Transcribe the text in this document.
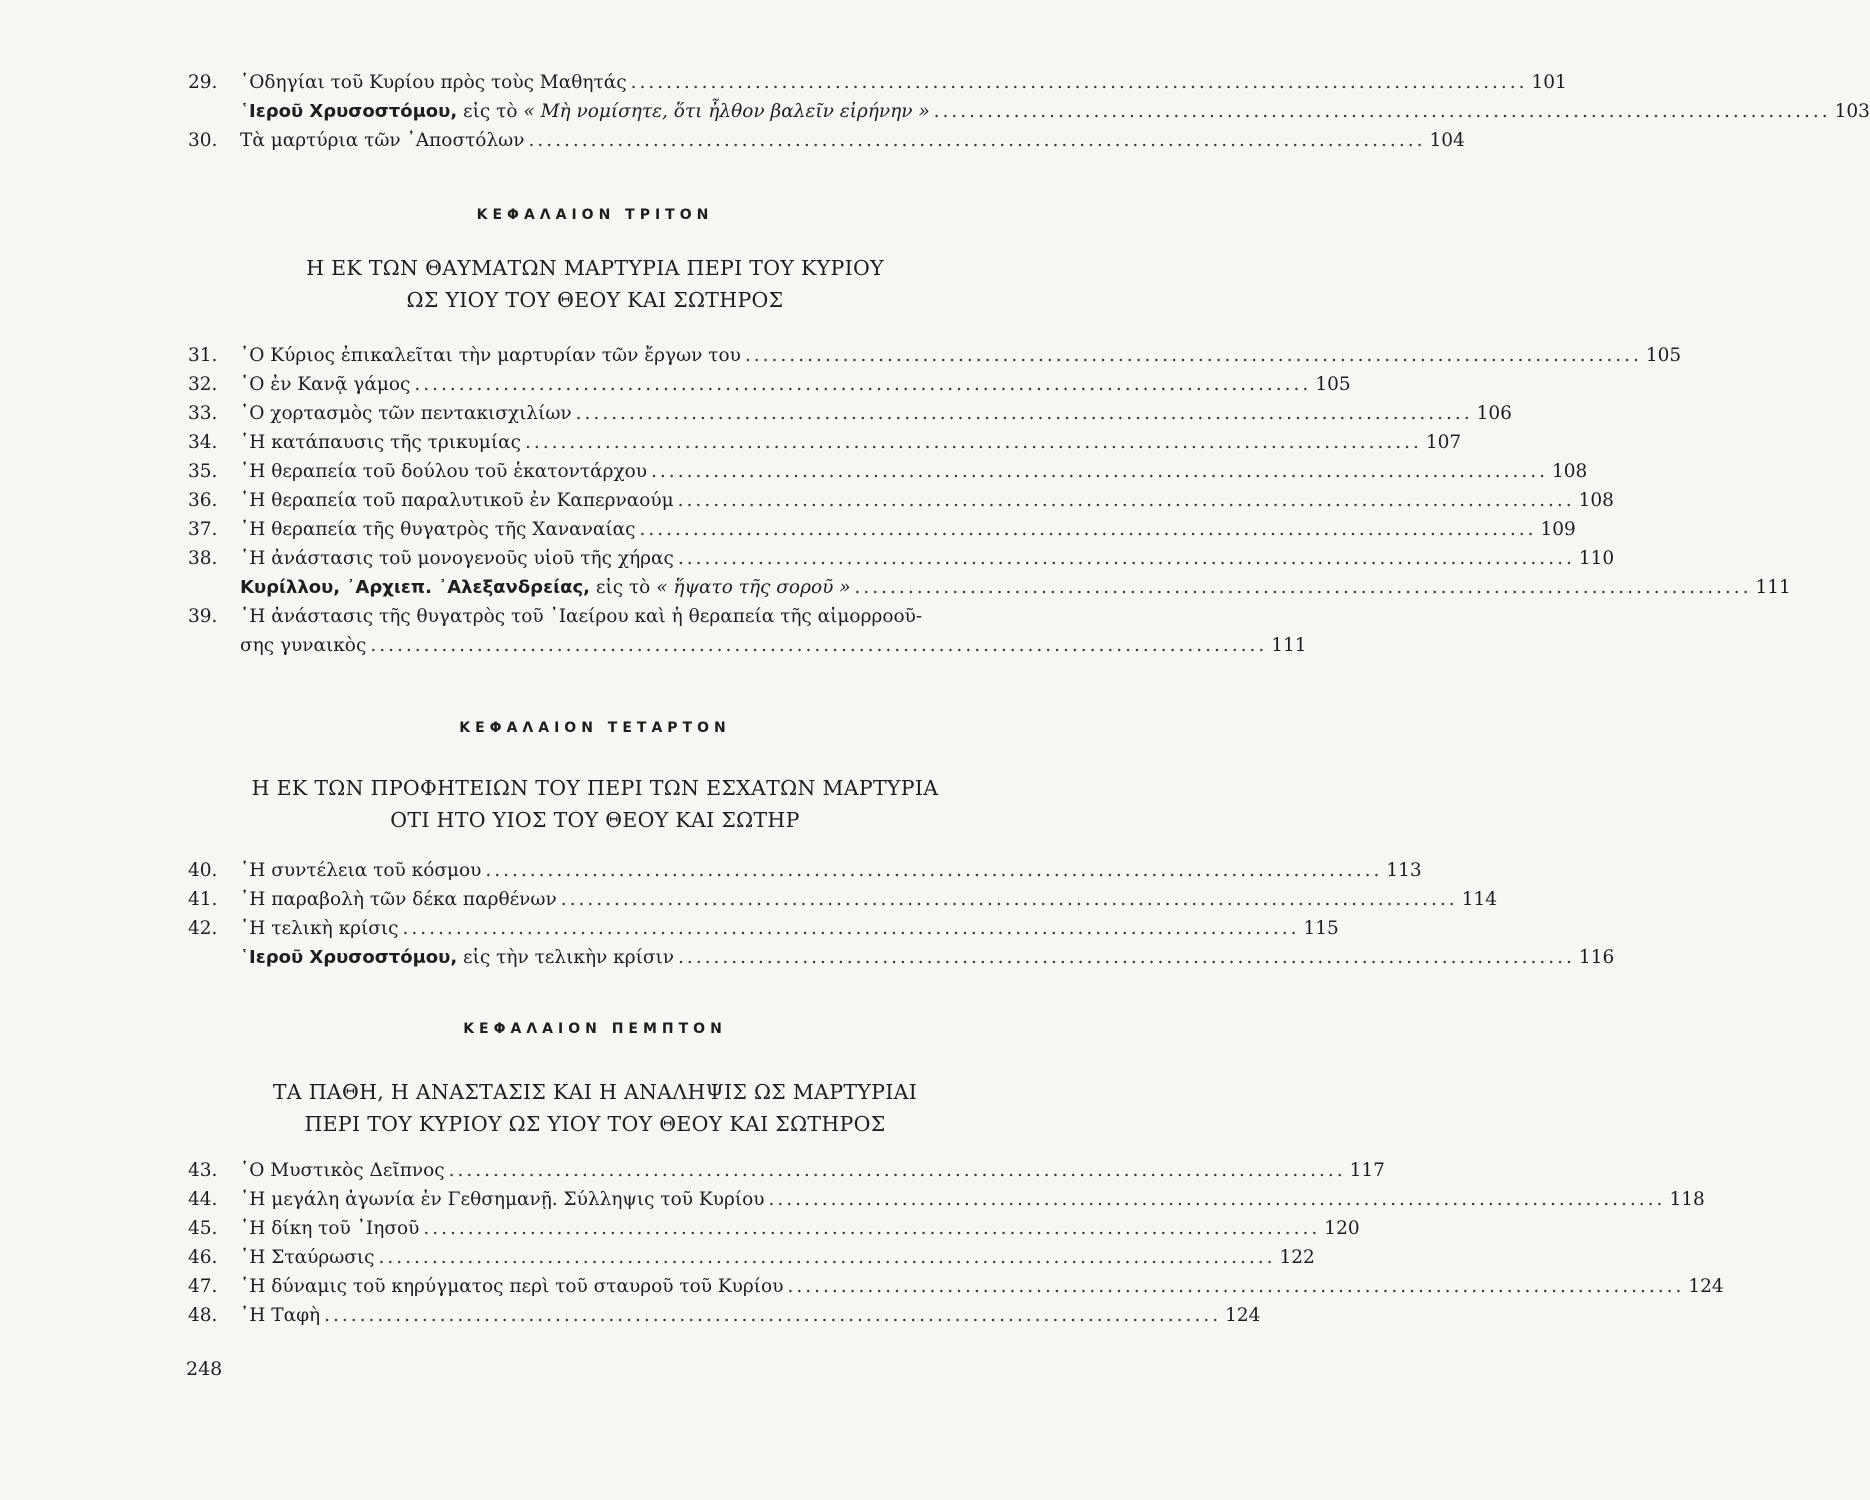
29.	῾Οδηγίαι τοῦ Κυρίου πρὸς τοὺς Μαθητάς ..................................................................................................... 101
῾Ιεροῦ Χρυσοστόμου, εἰς τὸ « Μὴ νομίσητε, ὅτι ἦλθον βαλεῖν εἰρήνην » ..................................................................................................... 103
30.	Τὰ μαρτύρια τῶν ᾿Αποστόλων ..................................................................................................... 104
ΚΕΦΑΛΑΙΟΝ ΤΡΙΤΟΝ
Η ΕΚ ΤΩΝ ΘΑΥΜΑΤΩΝ ΜΑΡΤΥΡΙΑ ΠΕΡΙ ΤΟΥ ΚΥΡΙΟΥ
ΩΣ ΥΙΟΥ ΤΟΥ ΘΕΟΥ ΚΑΙ ΣΩΤΗΡΟΣ
31.	῾Ο Κύριος ἐπικαλεῖται τὴν μαρτυρίαν τῶν ἔργων του ..................................................................................................... 105
32.	῾Ο ἐν Κανᾷ γάμος ..................................................................................................... 105
33.	῾Ο χορτασμὸς τῶν πεντακισχιλίων ..................................................................................................... 106
34.	῾Η κατάπαυσις τῆς τρικυμίας ..................................................................................................... 107
35.	῾Η θεραπεία τοῦ δούλου τοῦ ἑκατοντάρχου ..................................................................................................... 108
36.	῾Η θεραπεία τοῦ παραλυτικοῦ ἐν Καπερναούμ ..................................................................................................... 108
37.	῾Η θεραπεία τῆς θυγατρὸς τῆς Χαναναίας ..................................................................................................... 109
38.	῾Η ἀνάστασις τοῦ μονογενοῦς υἱοῦ τῆς χήρας ..................................................................................................... 110
Κυρίλλου, ᾿Αρχιεπ. ᾿Αλεξανδρείας, εἰς τὸ « ἥψατο τῆς σοροῦ » ..................................................................................................... 111
39.	῾Η ἀνάστασις τῆς θυγατρὸς τοῦ ᾿Ιαείρου καὶ ἡ θεραπεία τῆς αἱμορροοῦ-
σης γυναικὸς ..................................................................................................... 111
ΚΕΦΑΛΑΙΟΝ ΤΕΤΑΡΤΟΝ
Η ΕΚ ΤΩΝ ΠΡΟΦΗΤΕΙΩΝ ΤΟΥ ΠΕΡΙ ΤΩΝ ΕΣΧΑΤΩΝ ΜΑΡΤΥΡΙΑ
ΟΤΙ ΗΤΟ ΥΙΟΣ ΤΟΥ ΘΕΟΥ ΚΑΙ ΣΩΤΗΡ
40.	῾Η συντέλεια τοῦ κόσμου ..................................................................................................... 113
41.	῾Η παραβολὴ τῶν δέκα παρθένων ..................................................................................................... 114
42.	῾Η τελικὴ κρίσις ..................................................................................................... 115
῾Ιεροῦ Χρυσοστόμου, εἰς τὴν τελικὴν κρίσιν ..................................................................................................... 116
ΚΕΦΑΛΑΙΟΝ ΠΕΜΠΤΟΝ
ΤΑ ΠΑΘΗ, Η ΑΝΑΣΤΑΣΙΣ ΚΑΙ Η ΑΝΑΛΗΨΙΣ ΩΣ ΜΑΡΤΥΡΙΑΙ
ΠΕΡΙ ΤΟΥ ΚΥΡΙΟΥ ΩΣ ΥΙΟΥ ΤΟΥ ΘΕΟΥ ΚΑΙ ΣΩΤΗΡΟΣ
43.	῾Ο Μυστικὸς Δεῖπνος ..................................................................................................... 117
44.	῾Η μεγάλη ἀγωνία ἐν Γεθσημανῇ. Σύλληψις τοῦ Κυρίου ..................................................................................................... 118
45.	῾Η δίκη τοῦ ᾿Ιησοῦ ..................................................................................................... 120
46.	῾Η Σταύρωσις ..................................................................................................... 122
47.	῾Η δύναμις τοῦ κηρύγματος περὶ τοῦ σταυροῦ τοῦ Κυρίου ..................................................................................................... 124
48.	῾Η Ταφὴ ..................................................................................................... 124
248
